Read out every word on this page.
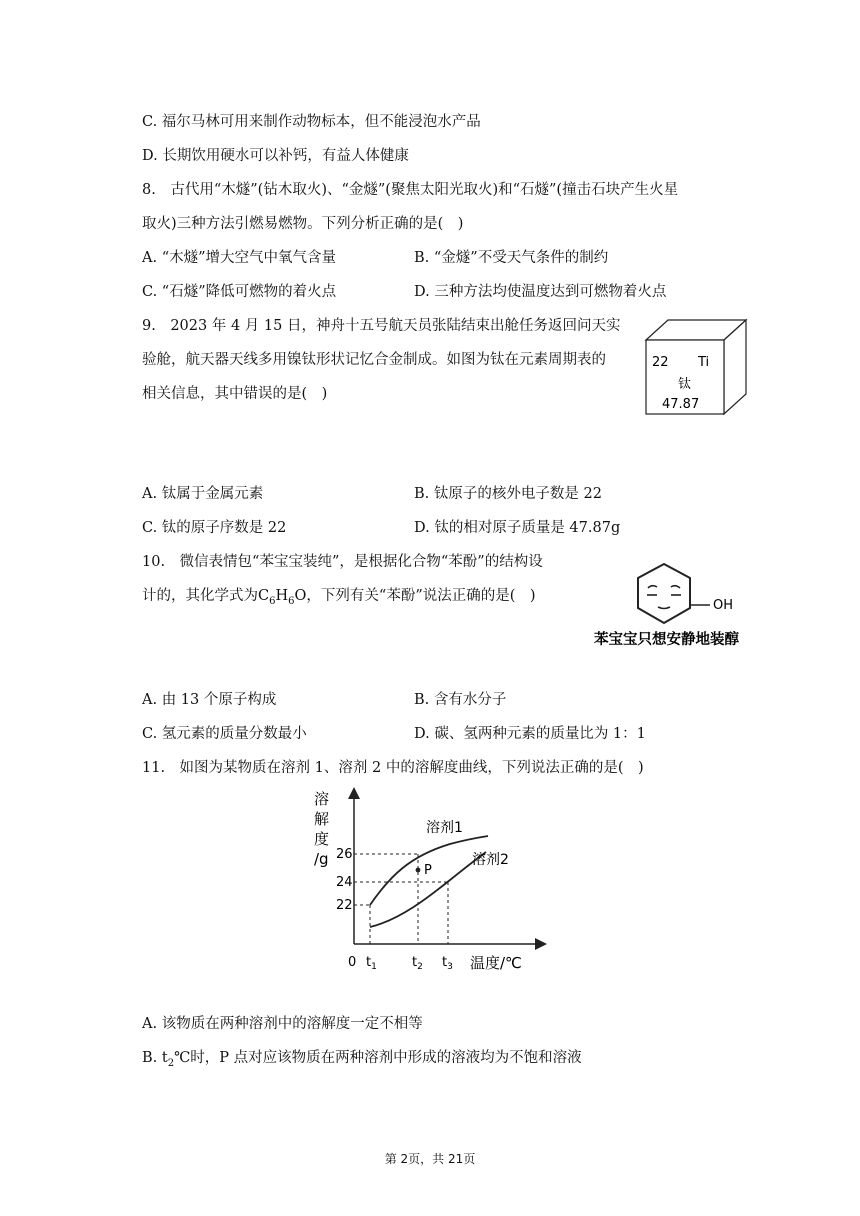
C. 福尔马林可用来制作动物标本，但不能浸泡水产品
D. 长期饮用硬水可以补钙，有益人体健康
8.　古代用“木燧”(钻木取火)、“金燧”(聚焦太阳光取火)和“石燧”(撞击石块产生火星
取火)三种方法引燃易燃物。下列分析正确的是(　)
A. “木燧”增大空气中氧气含量	B. “金燧”不受天气条件的制约
C. “石燧”降低可燃物的着火点	D. 三种方法均使温度达到可燃物着火点
9.　2023 年 4 月 15 日，神舟十五号航天员张陆结束出舱任务返回问天实
验舱，航天器天线多用镍钛形状记忆合金制成。如图为钛在元素周期表的
相关信息，其中错误的是(　)
22 Ti
钛
47.87
A. 钛属于金属元素	B. 钛原子的核外电子数是 22
C. 钛的原子序数是 22	D. 钛的相对原子质量是 47.87g
10.　微信表情包“苯宝宝装纯”，是根据化合物“苯酚”的结构设
计的，其化学式为$C_6H_6O$，下列有关“苯酚”说法正确的是(　)
OH
苯宝宝只想安静地装醇
A. 由 13 个原子构成	B. 含有水分子
C. 氢元素的质量分数最小	D. 碳、氢两种元素的质量比为 1：1
11.　如图为某物质在溶剂 1、溶剂 2 中的溶解度曲线，下列说法正确的是(　)
溶解度/g
P
溶剂1
溶剂2
26
24
22
0 $t_1$	$t_2$ $t_3$ 温度/℃
A. 该物质在两种溶剂中的溶解度一定不相等
B. $t_2℃$时，P 点对应该物质在两种溶剂中形成的溶液均为不饱和溶液
第 2页，共 21页
